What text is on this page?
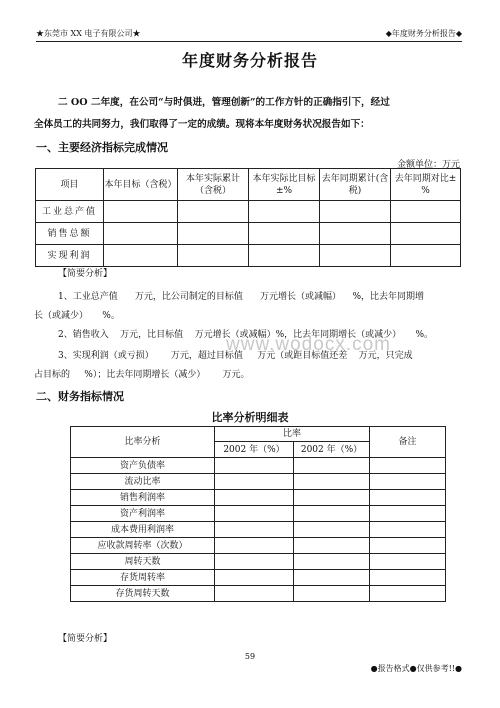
★东莞市 XX 电子有限公司★	◆年度财务分析报告◆
年度财务分析报告
二 OO 二年度，在公司“与时俱进，管理创新”的工作方针的正确指引下，经过
全体员工的共同努力，我们取得了一定的成绩。现将本年度财务状况报告如下：
一、主要经济指标完成情况
金额单位：万元
项目	本年目标（含税）	本年实际累计（含税）	本年实际比目标±%	去年同期累计(含税)	去年同期对比±%
工业总产值					
销售总额					
实现利润					
【简要分析】
1、工业总产值      万元，比公司制定的目标值      万元增长（或减幅）    %，比去年同期增
长（或减少）     %。
2、销售收入    万元，比目标值    万元增长（或减幅）%，比去年同期增长（或减少）     %。
3、实现利润（或亏损）      万元，超过目标值     万元（或距目标值还差    万元，只完成
占目标的     %）；比去年同期增长（减少）      万元。
www.wodocx.com
二、财务指标情况
比率分析明细表
比率分析	比率		备注
	2002 年（%）	2002 年（%）	
资产负债率			
流动比率			
销售利润率			
资产利润率			
成本费用利润率			
应收款周转率（次数）			
周转天数			
存货周转率			
存货周转天数			
【简要分析】
59
●报告格式●仅供参考!!●
